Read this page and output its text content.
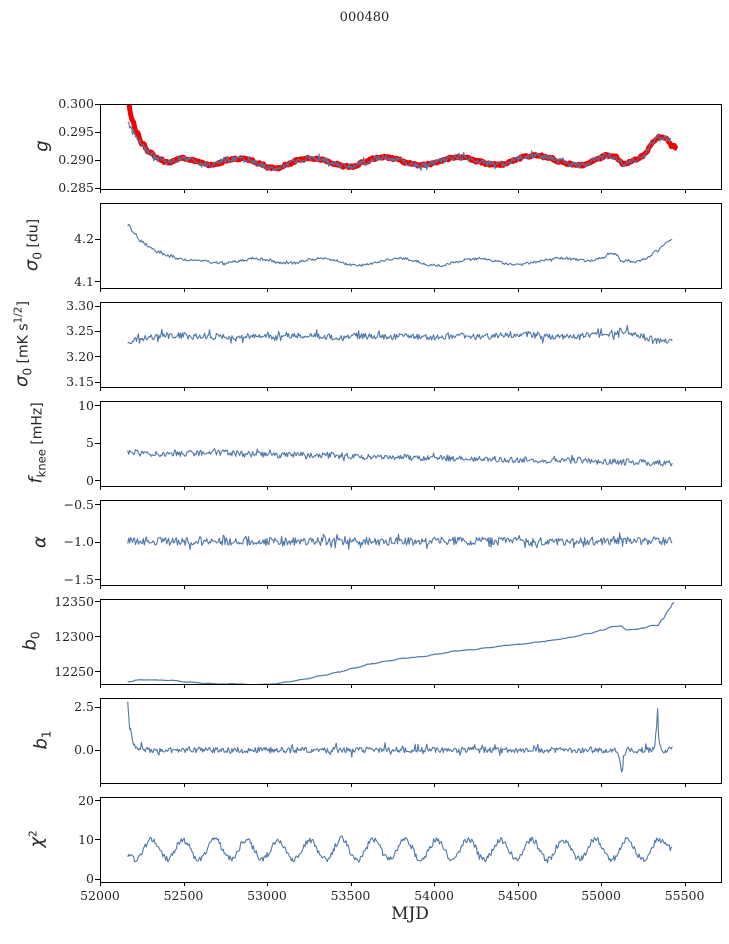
000480
MJD
0.285
0.290
0.295
0.300
g
4.1
4.2
$\sigma_0$ [du]
3.15
3.20
3.25
3.30
$\sigma_0$ [mK $s^{1/2}$]
0
5
10
$f_{knee}$ [mHz]
−0.5
−1.0
−1.5
α
12250
12300
12350
$b_0$
0.0
2.5
$b_1$
0
10
20
$\chi^2$
52000	52500	53000	53500	54000	54500	55000	55500
